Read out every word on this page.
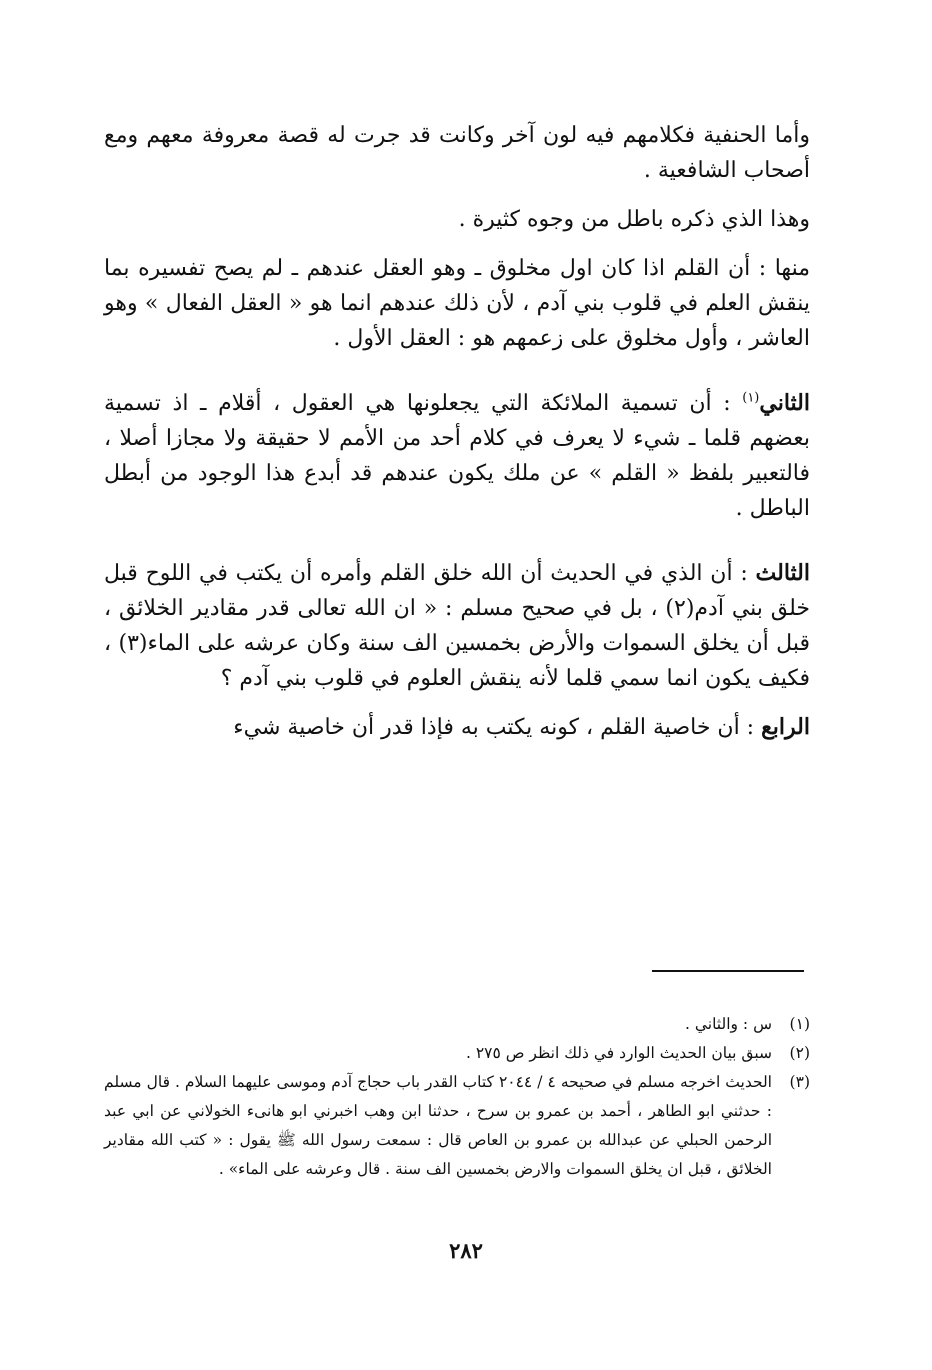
وأما الحنفية فكلامهم فيه لون آخر وكانت قد جرت له قصة معروفة معهم ومع أصحاب الشافعية .

وهذا الذي ذكره باطل من وجوه كثيرة .

منها : أن القلم اذا كان اول مخلوق ـ وهو العقل عندهم ـ لم يصح تفسيره بما ينقش العلم في قلوب بني آدم ، لأن ذلك عندهم انما هو « العقل الفعال » وهو العاشر ، وأول مخلوق على زعمهم هو : العقل الأول .

الثاني$^{(١)}$ : أن تسمية الملائكة التي يجعلونها هي العقول ، أقلام ـ اذ تسمية بعضهم قلما ـ شيء لا يعرف في كلام أحد من الأمم لا حقيقة ولا مجازا أصلا ، فالتعبير بلفظ « القلم » عن ملك يكون عندهم قد أبدع هذا الوجود من أبطل الباطل .

الثالث : أن الذي في الحديث أن الله خلق القلم وأمره أن يكتب في اللوح قبل خلق بني آدم(٢) ، بل في صحيح مسلم : « ان الله تعالى قدر مقادير الخلائق ، قبل أن يخلق السموات والأرض بخمسين الف سنة وكان عرشه على الماء(٣) ، فكيف يكون انما سمي قلما لأنه ينقش العلوم في قلوب بني آدم ؟

الرابع : أن خاصية القلم ، كونه يكتب به فإذا قدر أن خاصية شيء

(١)
س : والثاني .

(٢)
سبق بيان الحديث الوارد في ذلك انظر ص ٢٧٥ .

(٣)
الحديث اخرجه مسلم في صحيحه ٤ / ٢٠٤٤ كتاب القدر باب حجاج آدم وموسى عليهما السلام . قال مسلم : حدثني ابو الطاهر ، أحمد بن عمرو بن سرح ، حدثنا ابن وهب اخبرني ابو هانىء الخولاني عن ابي عبد الرحمن الحبلي عن عبدالله بن عمرو بن العاص قال : سمعت رسول الله ﷺ يقول : « كتب الله مقادير الخلائق ، قبل ان يخلق السموات والارض بخمسين الف سنة . قال وعرشه على الماء» .

٢٨٢
